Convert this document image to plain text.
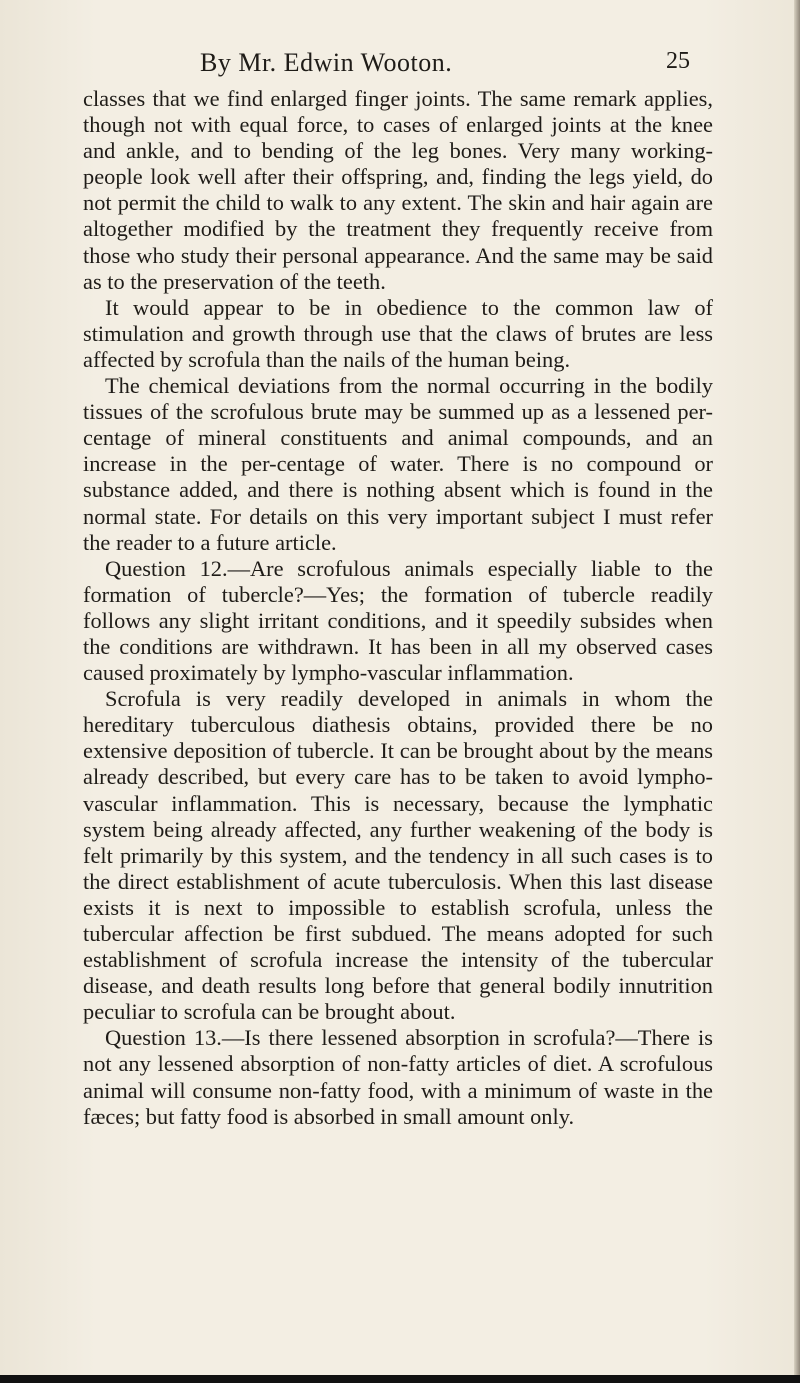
By Mr. Edwin Wooton.	25

classes that we find enlarged finger joints. The same remark applies, though not with equal force, to cases of enlarged joints at the knee and ankle, and to bending of the leg bones. Very many working-people look well after their offspring, and, finding the legs yield, do not permit the child to walk to any extent. The skin and hair again are altogether modified by the treatment they frequently receive from those who study their personal appearance. And the same may be said as to the preservation of the teeth.

It would appear to be in obedience to the common law of stimulation and growth through use that the claws of brutes are less affected by scrofula than the nails of the human being.

The chemical deviations from the normal occurring in the bodily tissues of the scrofulous brute may be summed up as a lessened per-centage of mineral constituents and animal compounds, and an increase in the per-centage of water. There is no compound or substance added, and there is nothing absent which is found in the normal state. For details on this very important subject I must refer the reader to a future article.

Question 12.—Are scrofulous animals especially liable to the formation of tubercle?—Yes; the formation of tubercle readily follows any slight irritant conditions, and it speedily subsides when the conditions are withdrawn. It has been in all my observed cases caused proximately by lympho-vascular inflammation.

Scrofula is very readily developed in animals in whom the hereditary tuberculous diathesis obtains, provided there be no extensive deposition of tubercle. It can be brought about by the means already described, but every care has to be taken to avoid lympho-vascular inflammation. This is necessary, because the lymphatic system being already affected, any further weakening of the body is felt primarily by this system, and the tendency in all such cases is to the direct establishment of acute tuberculosis. When this last disease exists it is next to impossible to establish scrofula, unless the tubercular affection be first subdued. The means adopted for such establishment of scrofula increase the intensity of the tubercular disease, and death results long before that general bodily innutrition peculiar to scrofula can be brought about.

Question 13.—Is there lessened absorption in scrofula?—There is not any lessened absorption of non-fatty articles of diet. A scrofulous animal will consume non-fatty food, with a minimum of waste in the fæces; but fatty food is absorbed in small amount only.
